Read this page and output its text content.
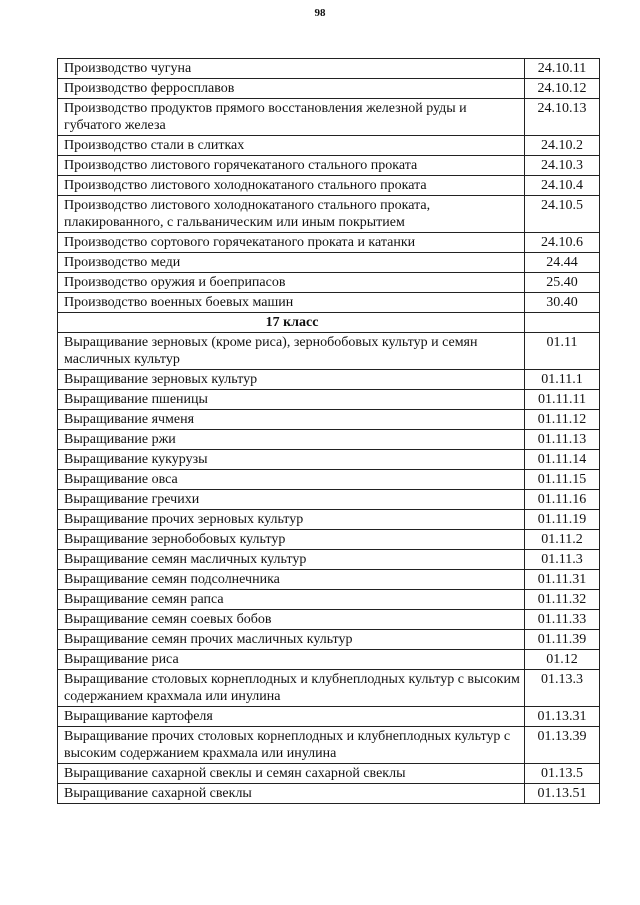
98
Производство чугуна	24.10.11
Производство ферросплавов	24.10.12
Производство продуктов прямого восстановления железной руды и губчатого железа	24.10.13
Производство стали в слитках	24.10.2
Производство листового горячекатаного стального проката	24.10.3
Производство листового холоднокатаного стального проката	24.10.4
Производство листового холоднокатаного стального проката, плакированного, с гальваническим или иным покрытием	24.10.5
Производство сортового горячекатаного проката и катанки	24.10.6
Производство меди	24.44
Производство оружия и боеприпасов	25.40
Производство военных боевых машин	30.40
17 класс	
Выращивание зерновых (кроме риса), зернобобовых культур и семян масличных культур	01.11
Выращивание зерновых культур	01.11.1
Выращивание пшеницы	01.11.11
Выращивание ячменя	01.11.12
Выращивание ржи	01.11.13
Выращивание кукурузы	01.11.14
Выращивание овса	01.11.15
Выращивание гречихи	01.11.16
Выращивание прочих зерновых культур	01.11.19
Выращивание зернобобовых культур	01.11.2
Выращивание семян масличных культур	01.11.3
Выращивание семян подсолнечника	01.11.31
Выращивание семян рапса	01.11.32
Выращивание семян соевых бобов	01.11.33
Выращивание семян прочих масличных культур	01.11.39
Выращивание риса	01.12
Выращивание столовых корнеплодных и клубнеплодных культур с высоким содержанием крахмала или инулина	01.13.3
Выращивание картофеля	01.13.31
Выращивание прочих столовых корнеплодных и клубнеплодных культур с высоким содержанием крахмала или инулина	01.13.39
Выращивание сахарной свеклы и семян сахарной свеклы	01.13.5
Выращивание сахарной свеклы	01.13.51
